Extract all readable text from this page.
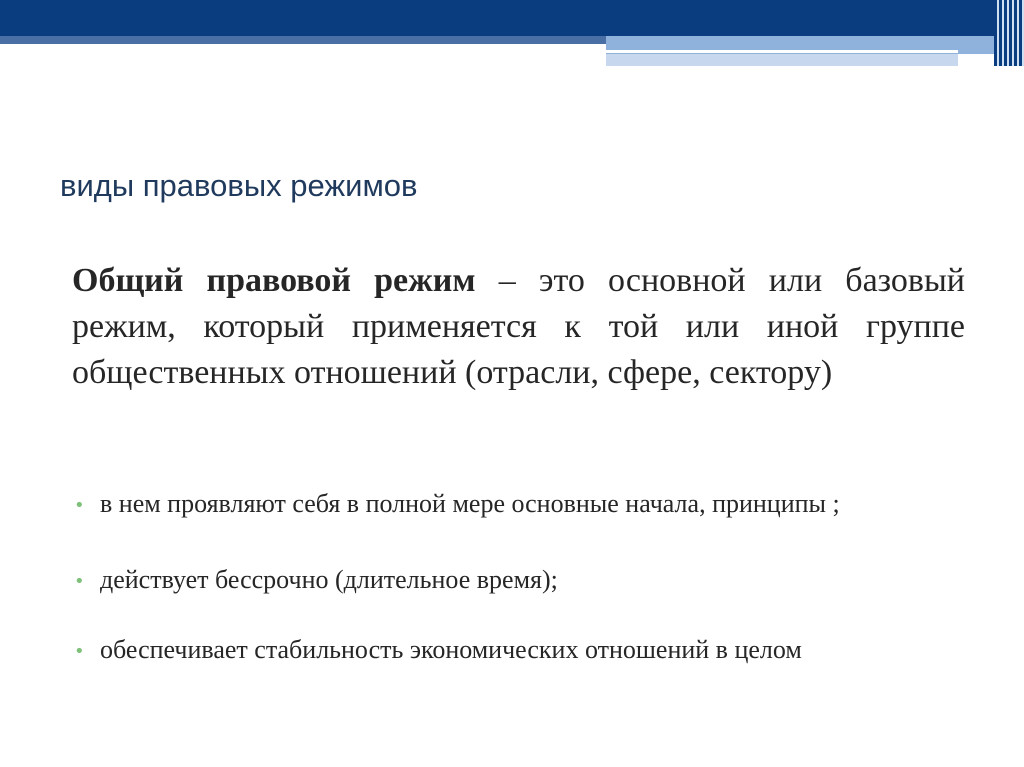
виды правовых режимов

Общий правовой режим – это основной или базовый режим, который применяется к той или иной группе общественных отношений (отрасли, сфере, сектору)

• в нем проявляют себя в полной мере основные начала, принципы ;
• действует бессрочно (длительное время);
• обеспечивает стабильность экономических отношений в целом
